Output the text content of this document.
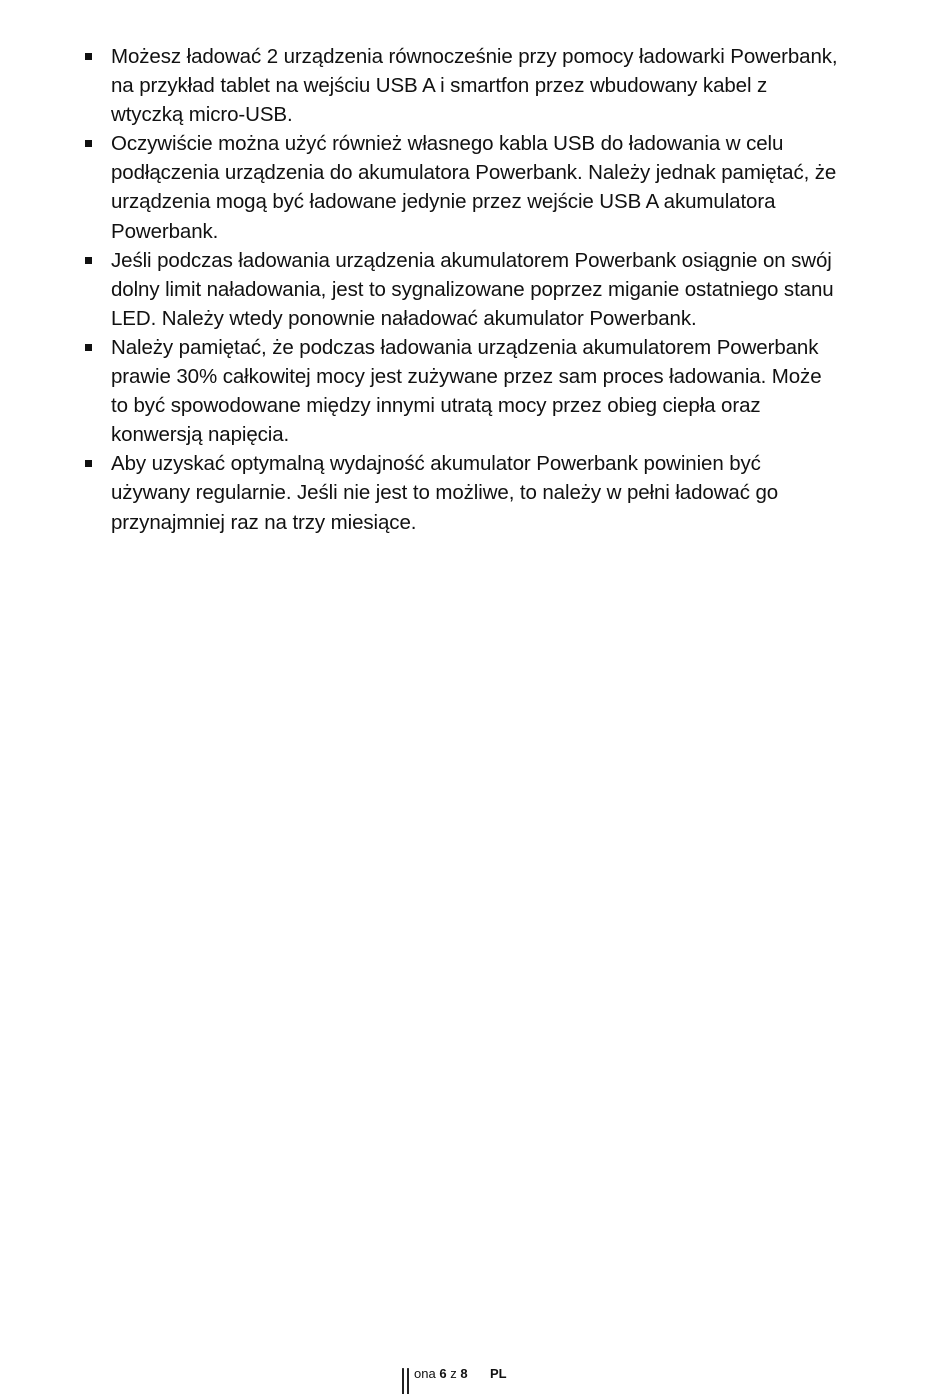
Możesz ładować 2 urządzenia równocześnie przy pomocy ładowarki Powerbank, na przykład tablet na wejściu USB A i smartfon przez wbudowany kabel z wtyczką micro-USB.
Oczywiście można użyć również własnego kabla USB do ładowania w celu podłączenia urządzenia do akumulatora Powerbank. Należy jednak pamiętać, że urządzenia mogą być ładowane jedynie przez wejście USB A akumulatora Powerbank.
Jeśli podczas ładowania urządzenia akumulatorem Powerbank osiągnie on swój dolny limit naładowania, jest to sygnalizowane poprzez miganie ostatniego stanu LED. Należy wtedy ponownie naładować akumulator Powerbank.
Należy pamiętać, że podczas ładowania urządzenia akumulatorem Powerbank prawie 30% całkowitej mocy jest zużywane przez sam proces ładowania. Może to być spowodowane między innymi utratą mocy przez obieg ciepła oraz konwersją napięcia.
Aby uzyskać optymalną wydajność akumulator Powerbank powinien być używany regularnie. Jeśli nie jest to możliwe, to należy w pełni ładować go przynajmniej raz na trzy miesiące.
ona 6 z 8 PL
